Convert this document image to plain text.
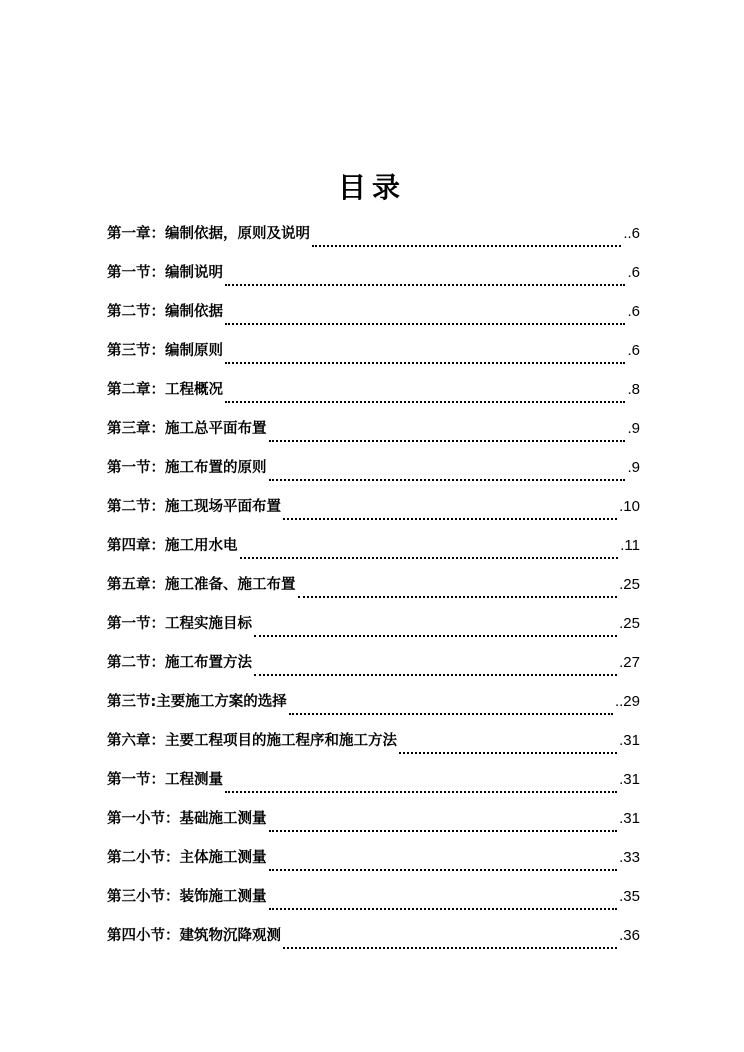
目录
第一章：编制依据，原则及说明	..6
第一节：编制说明	.6
第二节：编制依据	.6
第三节：编制原则	.6
第二章：工程概况	.8
第三章：施工总平面布置	.9
第一节：施工布置的原则	.9
第二节：施工现场平面布置	.10
第四章：施工用水电	.11
第五章：施工准备、施工布置	.25
第一节：工程实施目标	.25
第二节：施工布置方法	.27
第三节:主要施工方案的选择	..29
第六章：主要工程项目的施工程序和施工方法	.31
第一节：工程测量	.31
第一小节：基础施工测量	.31
第二小节：主体施工测量	.33
第三小节：装饰施工测量	.35
第四小节：建筑物沉降观测	.36
